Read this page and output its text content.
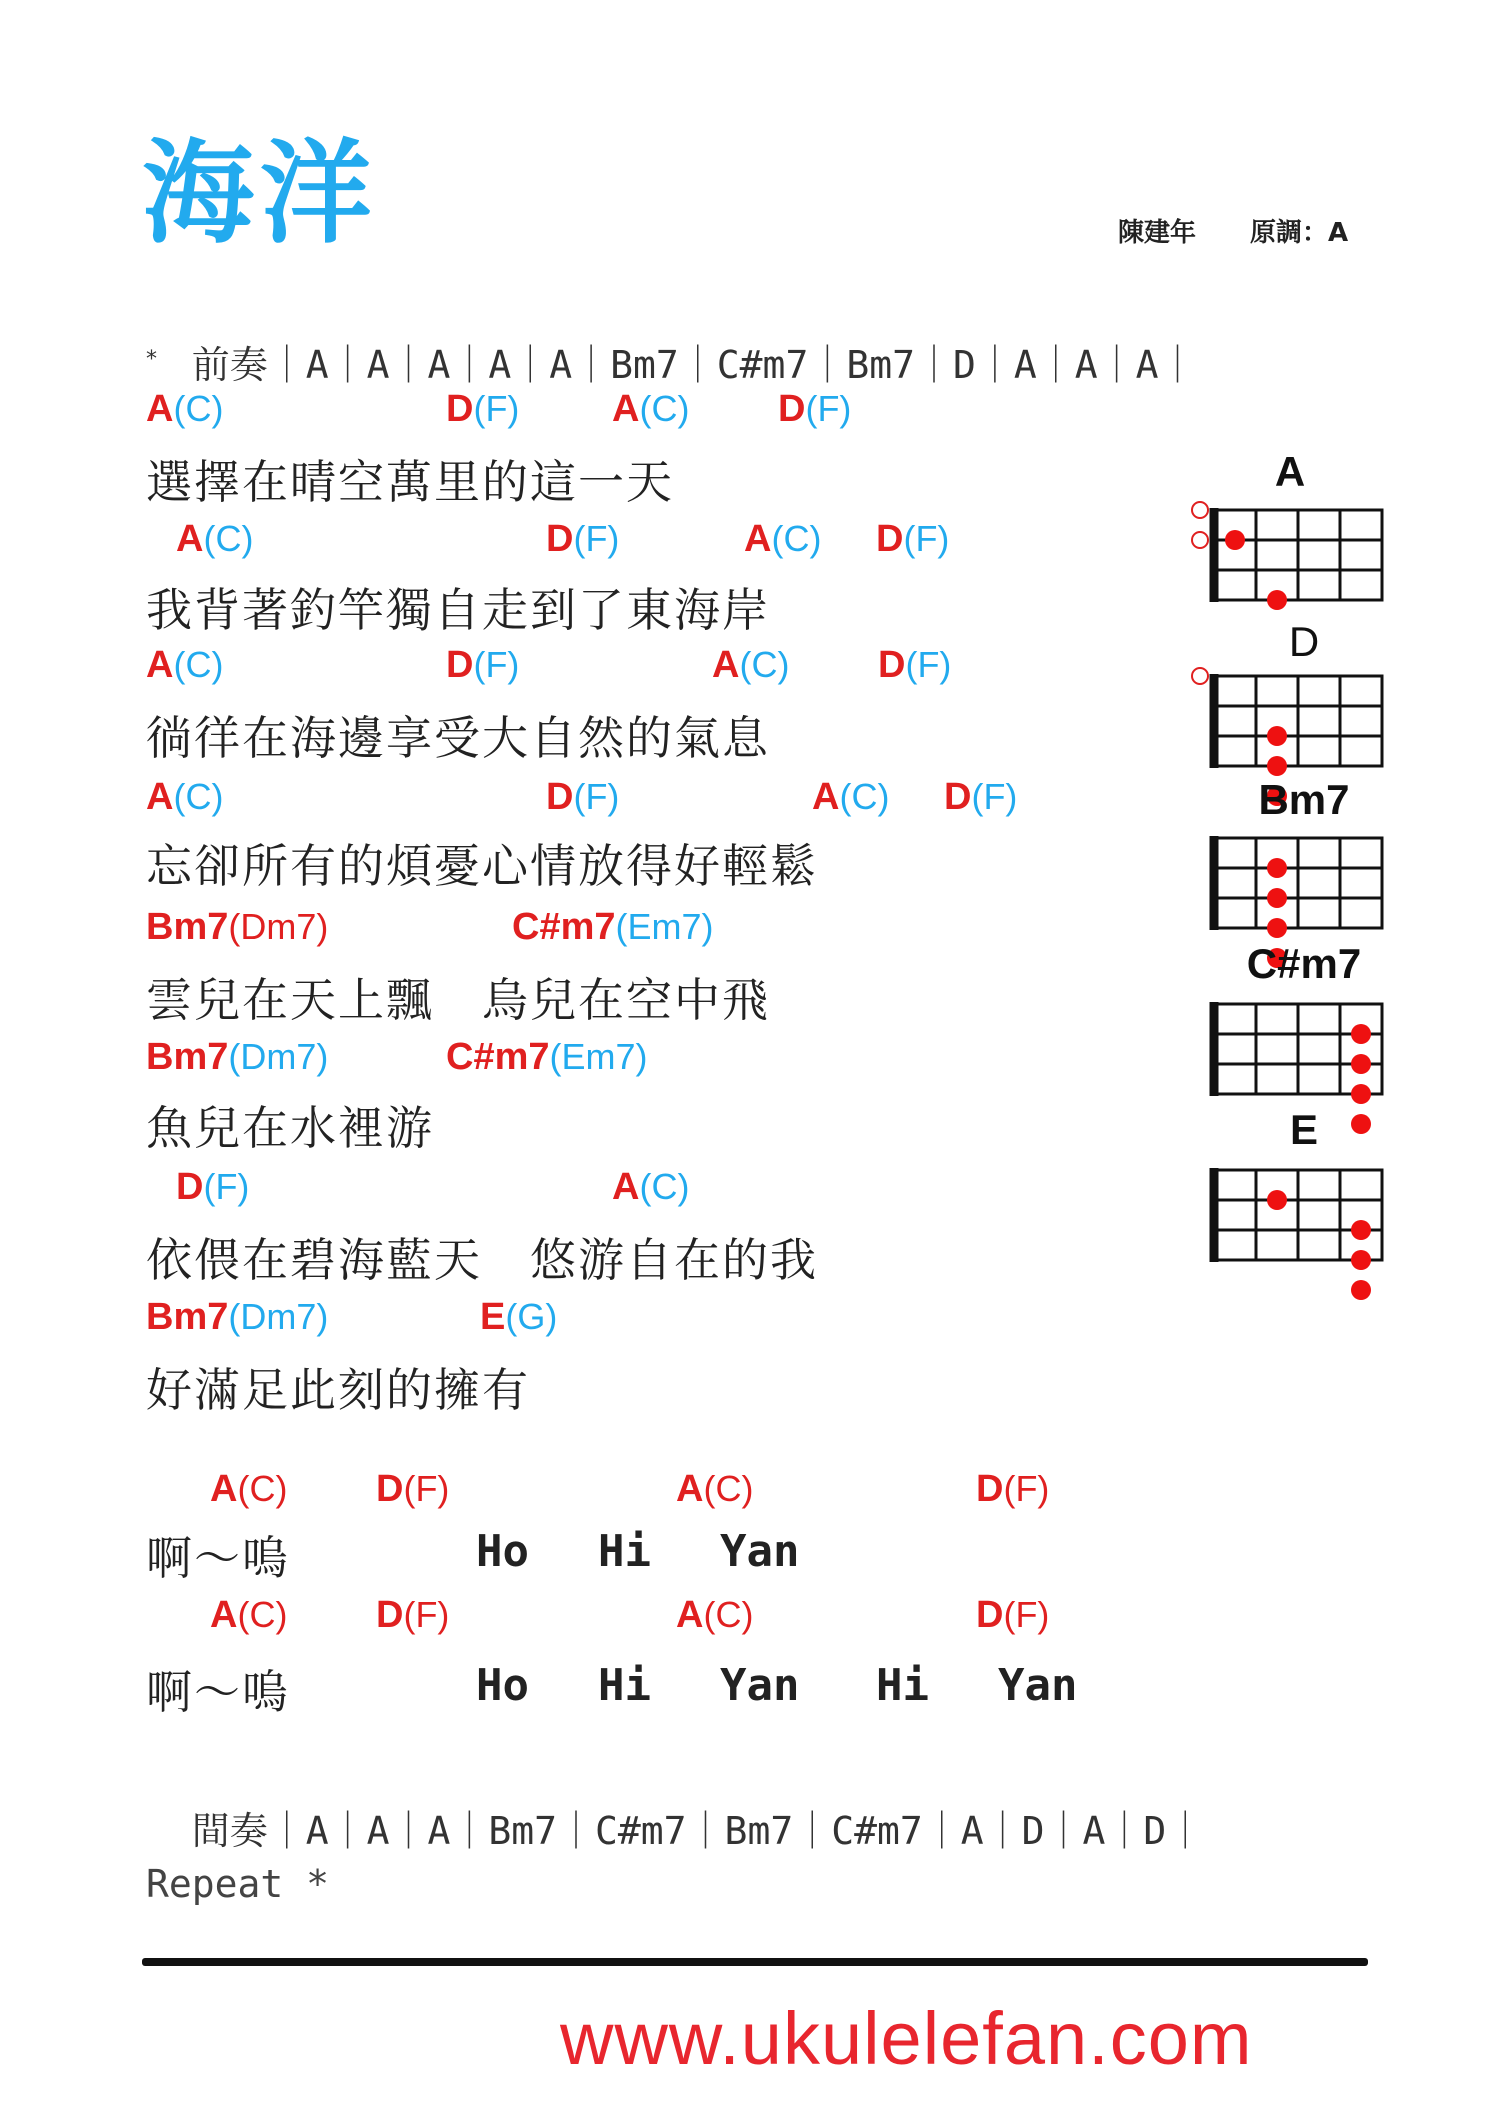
海洋	陳建年 原調：A

前奏｜A｜A｜A｜A｜A｜Bm7｜C#m7｜Bm7｜D｜A｜A｜A｜

*
A(C)	D(F) A(C) D(F)
選擇在晴空萬里的這一天
A(C)	D(F)	A(C) D(F)
我背著釣竿獨自走到了東海岸
A(C)	D(F)	A(C) D(F)
徜徉在海邊享受大自然的氣息
A(C)	D(F)	A(C) D(F)
忘卻所有的煩憂心情放得好輕鬆
Bm7(Dm7)	C#m7(Em7)
雲兒在天上飄　烏兒在空中飛
Bm7(Dm7)	C#m7(Em7)
魚兒在水裡游
D(F)	A(C)
依偎在碧海藍天　悠游自在的我
Bm7(Dm7)	E(G)
好滿足此刻的擁有
A(C) D(F)	A(C)	D(F)
啊～嗚	Ho Hi Yan
A(C) D(F)	A(C)	D(F)
啊～嗚	Ho Hi Yan Hi Yan

間奏｜A｜A｜A｜Bm7｜C#m7｜Bm7｜C#m7｜A｜D｜A｜D｜

Repeat *
www.ukulelefan.com
A
D
Bm7
C#m7
E
